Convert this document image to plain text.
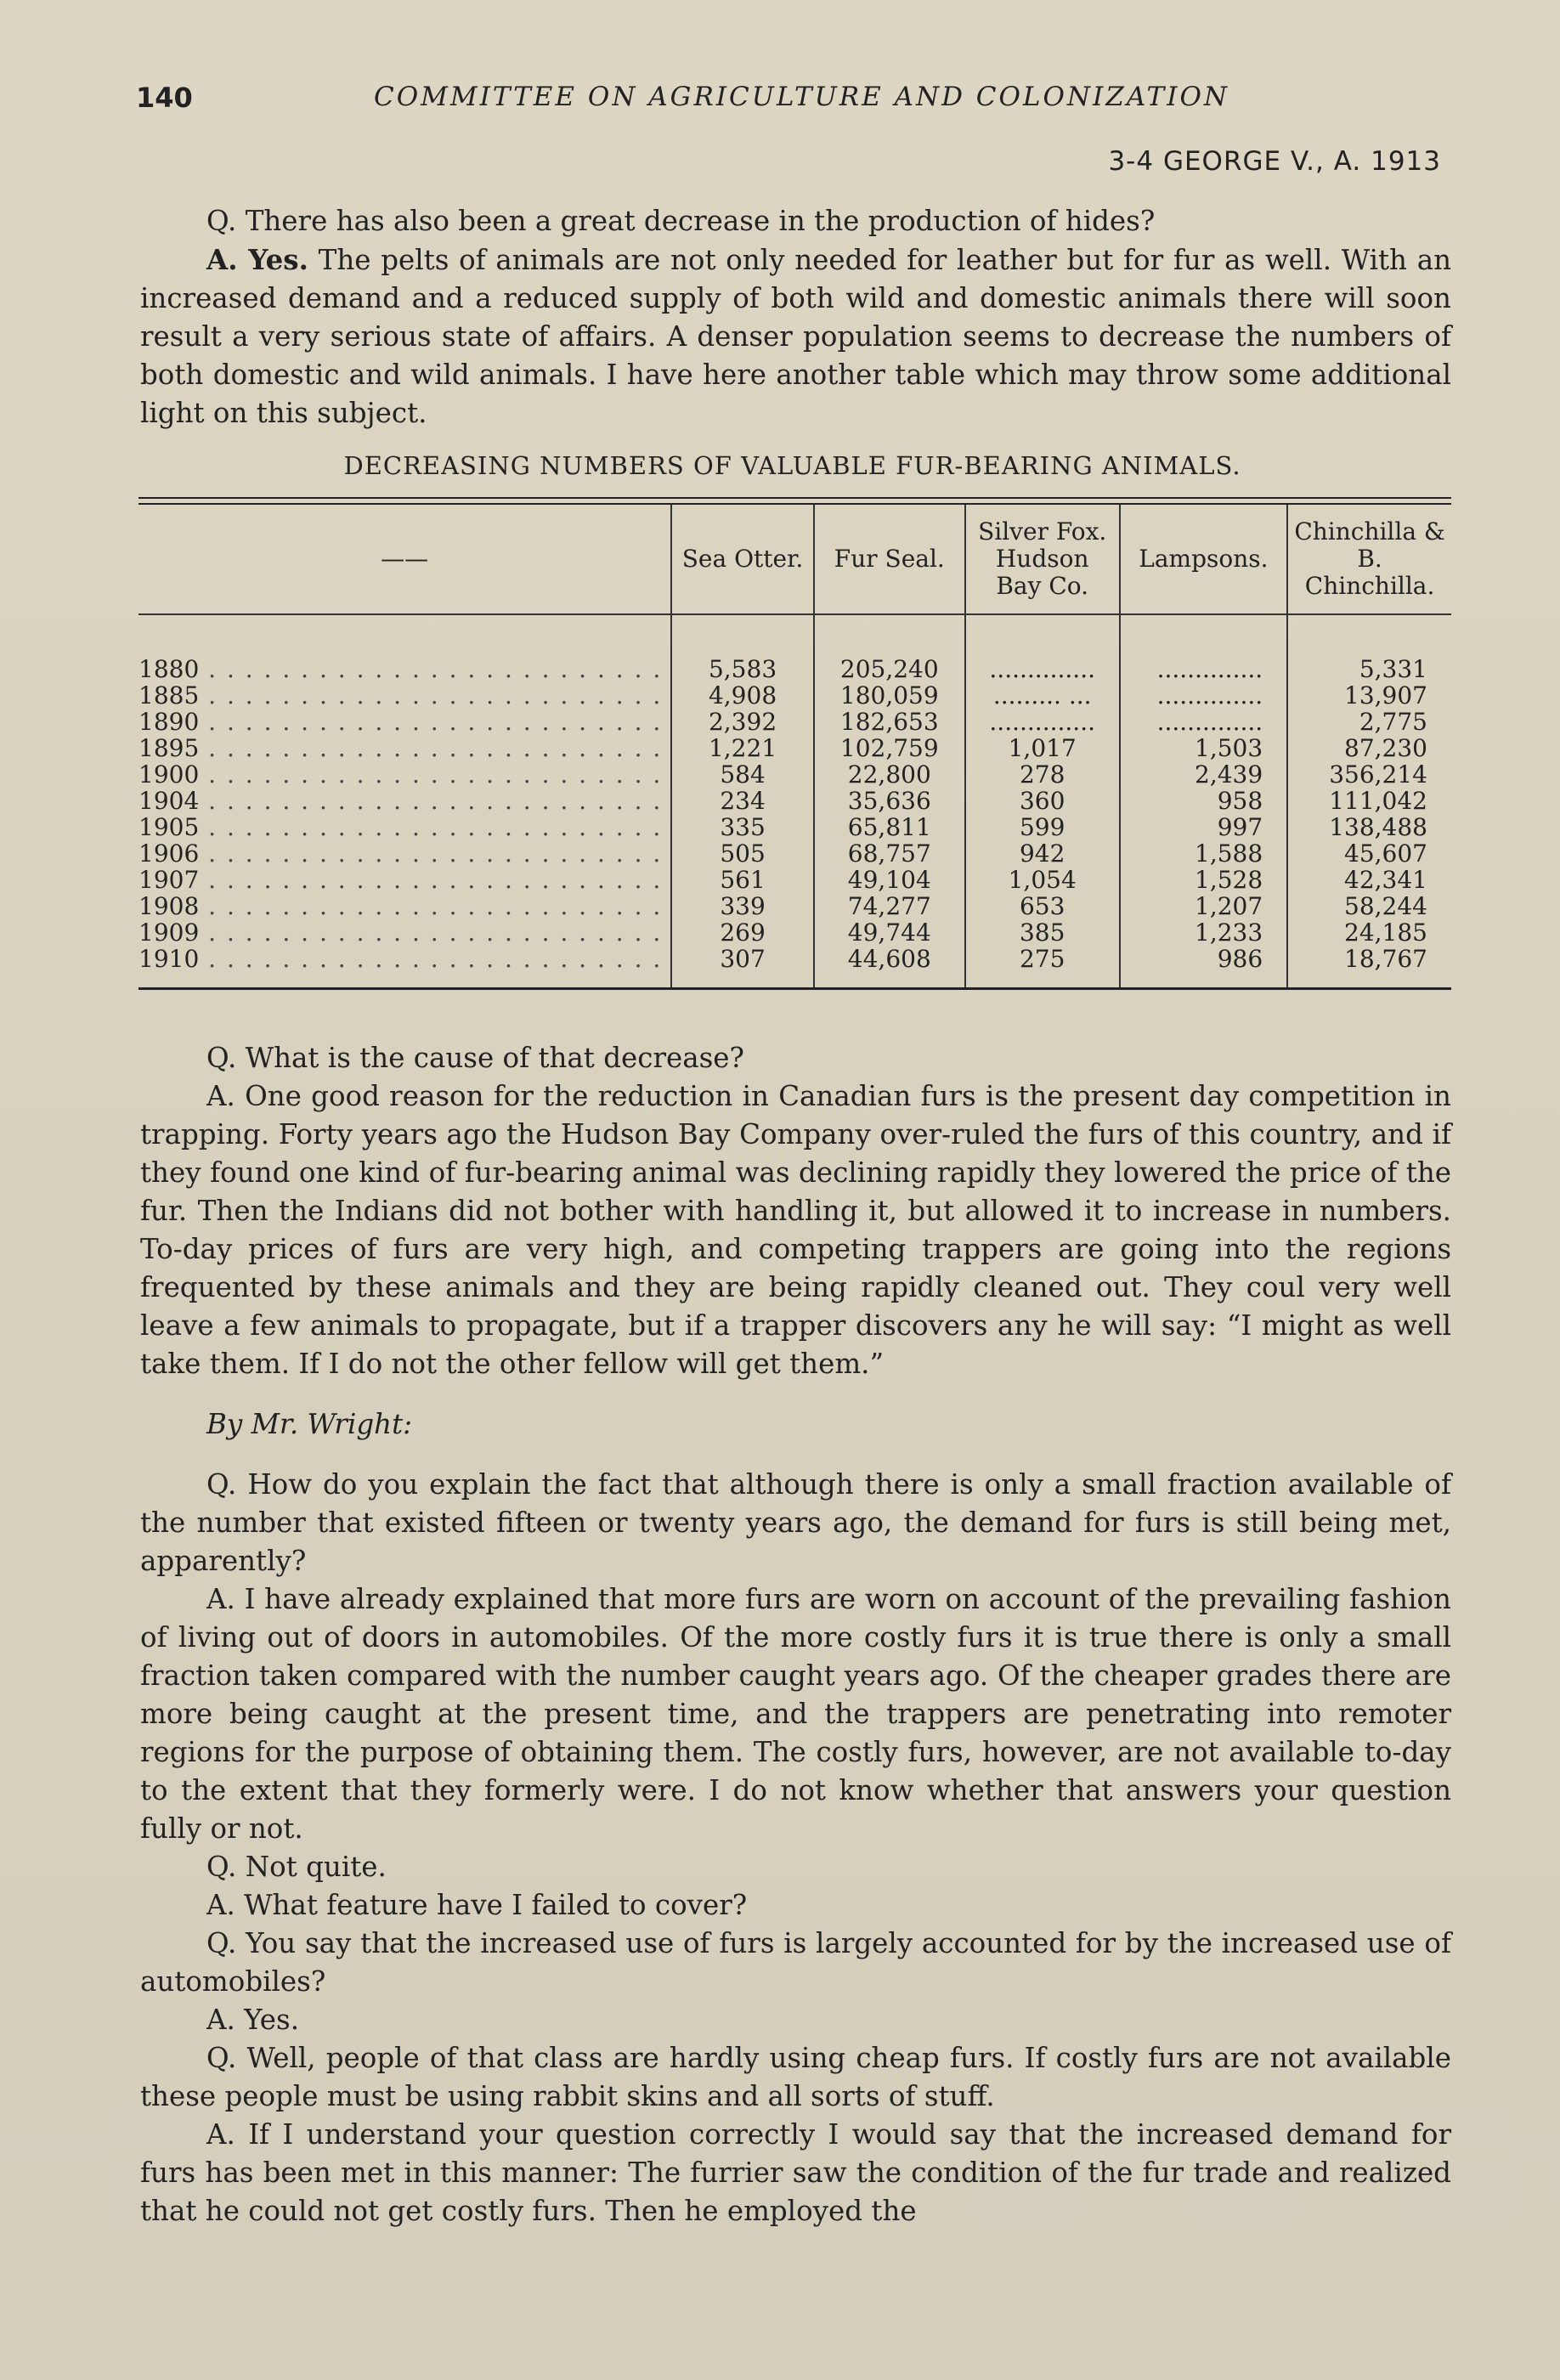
140	COMMITTEE ON AGRICULTURE AND COLONIZATION
3-4 GEORGE V., A. 1913

Q. There has also been a great decrease in the production of hides?

A. Yes. The pelts of animals are not only needed for leather but for fur as well. With an increased demand and a reduced supply of both wild and domestic animals there will soon result a very serious state of affairs. A denser population seems to decrease the numbers of both domestic and wild animals. I have here another table which may throw some additional light on this subject.

DECREASING NUMBERS OF VALUABLE FUR-BEARING ANIMALS.
——	Sea Otter.	Fur Seal.	Silver Fox. Hudson Bay Co.	Lampsons.	Chinchilla & B. Chinchilla.

1880 . . . . . . . . . . . . . . . . . . . . . . . . .	5,583	205,240	..............	..............	5,331
1885 . . . . . . . . . . . . . . . . . . . . . . . . .	4,908	180,059	......... ...	..............	13,907
1890 . . . . . . . . . . . . . . . . . . . . . . . . .	2,392	182,653	..............	..............	2,775
1895 . . . . . . . . . . . . . . . . . . . . . . . . .	1,221	102,759	1,017	1,503	87,230
1900 . . . . . . . . . . . . . . . . . . . . . . . . .	584	22,800	278	2,439	356,214
1904 . . . . . . . . . . . . . . . . . . . . . . . . .	234	35,636	360	958	111,042
1905 . . . . . . . . . . . . . . . . . . . . . . . . .	335	65,811	599	997	138,488
1906 . . . . . . . . . . . . . . . . . . . . . . . . .	505	68,757	942	1,588	45,607
1907 . . . . . . . . . . . . . . . . . . . . . . . . .	561	49,104	1,054	1,528	42,341
1908 . . . . . . . . . . . . . . . . . . . . . . . . .	339	74,277	653	1,207	58,244
1909 . . . . . . . . . . . . . . . . . . . . . . . . .	269	49,744	385	1,233	24,185
1910 . . . . . . . . . . . . . . . . . . . . . . . . .	307	44,608	275	986	18,767

Q. What is the cause of that decrease?

A. One good reason for the reduction in Canadian furs is the present day competition in trapping. Forty years ago the Hudson Bay Company over-ruled the furs of this country, and if they found one kind of fur-bearing animal was declining rapidly they lowered the price of the fur. Then the Indians did not bother with handling it, but allowed it to increase in numbers. To-day prices of furs are very high, and competing trappers are going into the regions frequented by these animals and they are being rapidly cleaned out. They coul very well leave a few animals to propagate, but if a trapper discovers any he will say: “I might as well take them. If I do not the other fellow will get them.”

By Mr. Wright:

Q. How do you explain the fact that although there is only a small fraction available of the number that existed fifteen or twenty years ago, the demand for furs is still being met, apparently?

A. I have already explained that more furs are worn on account of the prevailing fashion of living out of doors in automobiles. Of the more costly furs it is true there is only a small fraction taken compared with the number caught years ago. Of the cheaper grades there are more being caught at the present time, and the trappers are penetrating into remoter regions for the purpose of obtaining them. The costly furs, however, are not available to-day to the extent that they formerly were. I do not know whether that answers your question fully or not.

Q. Not quite.

A. What feature have I failed to cover?

Q. You say that the increased use of furs is largely accounted for by the increased use of automobiles?

A. Yes.

Q. Well, people of that class are hardly using cheap furs. If costly furs are not available these people must be using rabbit skins and all sorts of stuff.

A. If I understand your question correctly I would say that the increased demand for furs has been met in this manner: The furrier saw the condition of the fur trade and realized that he could not get costly furs. Then he employed the
